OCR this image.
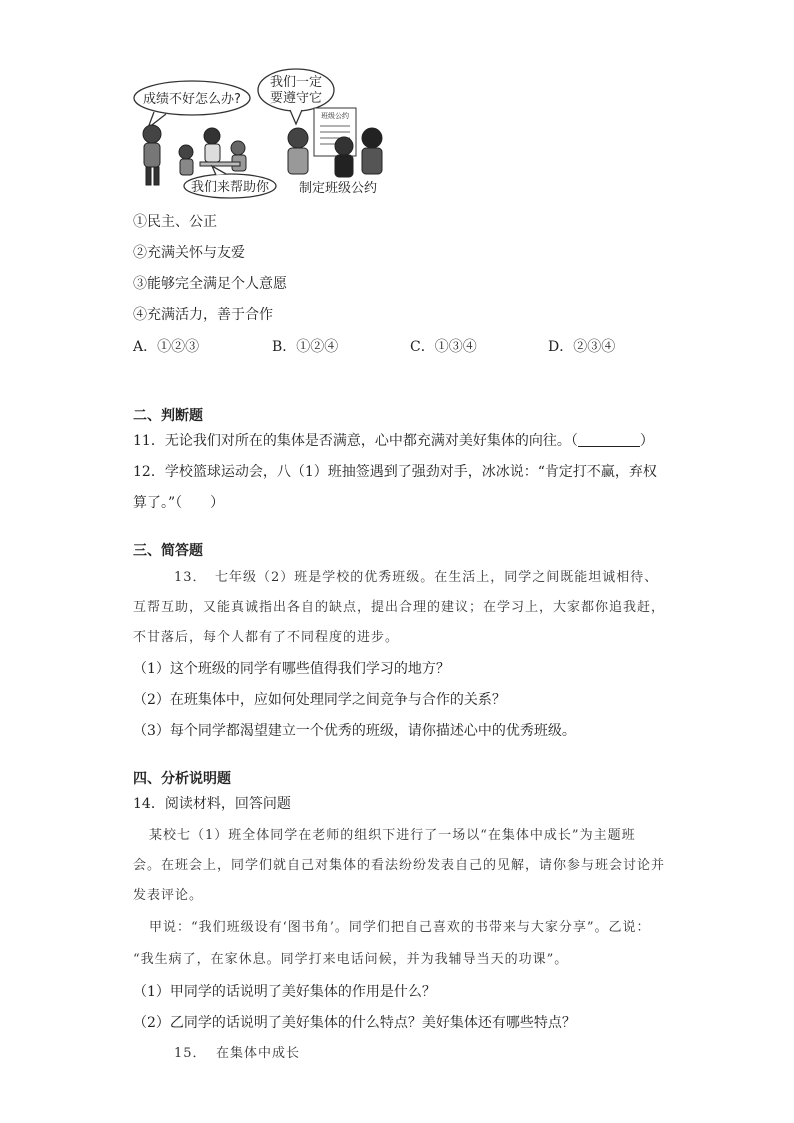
成绩不好怎么办?
我们一定
要遵守它
我们来帮助你
班级公约
制定班级公约
①民主、公正
②充满关怀与友爱
③能够完全满足个人意愿
④充满活力，善于合作
A．①②③	B．①②④	C．①③④	D．②③④
二、判断题
11．无论我们对所在的集体是否满意，心中都充满对美好集体的向往。（	）
12．学校篮球运动会，八（1）班抽签遇到了强劲对手，冰冰说：“肯定打不赢，弃权
算了。”（　　）
三、简答题
13． 七年级（2）班是学校的优秀班级。在生活上，同学之间既能坦诚相待、
互帮互助，又能真诚指出各自的缺点，提出合理的建议；在学习上，大家都你追我赶，
不甘落后，每个人都有了不同程度的进步。
（1）这个班级的同学有哪些值得我们学习的地方？
（2）在班集体中，应如何处理同学之间竞争与合作的关系？
（3）每个同学都渴望建立一个优秀的班级，请你描述心中的优秀班级。
四、分析说明题
14．阅读材料，回答问题
某校七（1）班全体同学在老师的组织下进行了一场以“在集体中成长”为主题班
会。在班会上，同学们就自己对集体的看法纷纷发表自己的见解，请你参与班会讨论并
发表评论。
甲说：“我们班级设有‘图书角’。同学们把自己喜欢的书带来与大家分享”。乙说：
“我生病了，在家休息。同学打来电话问候，并为我辅导当天的功课”。
（1）甲同学的话说明了美好集体的作用是什么？
（2）乙同学的话说明了美好集体的什么特点？美好集体还有哪些特点？
15． 在集体中成长
